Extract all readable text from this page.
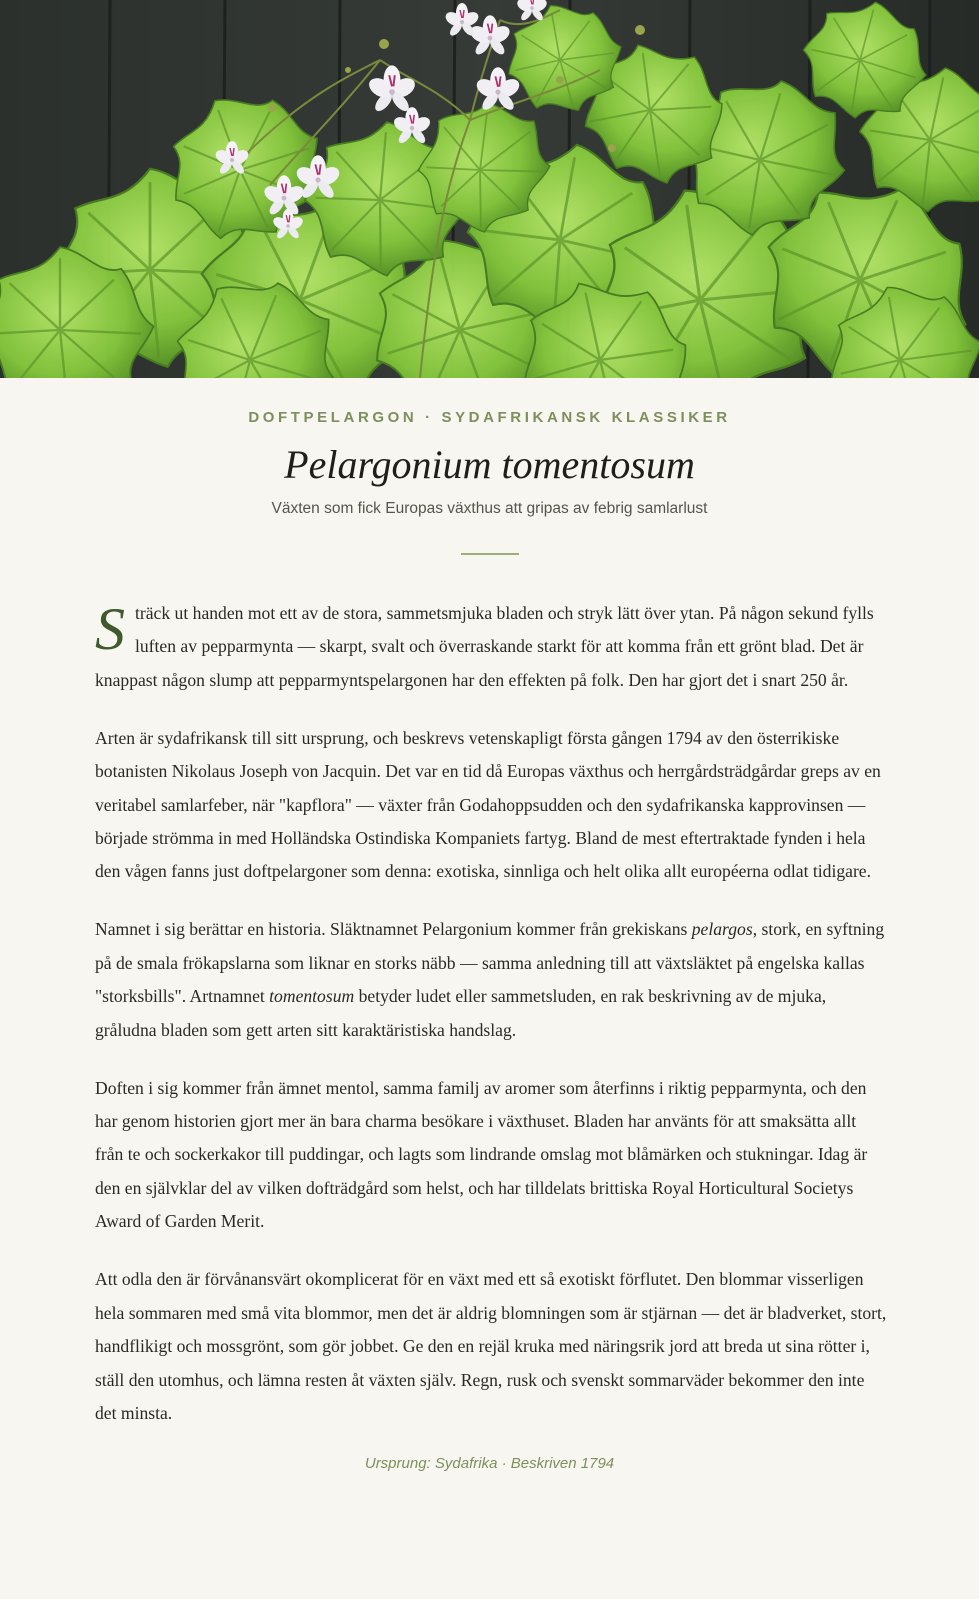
DOFTPELARGON · SYDAFRIKANSK KLASSIKER
Pelargonium tomentosum
Växten som fick Europas växthus att gripas av febrig samlarlust

Sträck ut handen mot ett av de stora, sammetsmjuka bladen och stryk lätt över ytan. På någon sekund fylls luften av pepparmynta — skarpt, svalt och överraskande starkt för att komma från ett grönt blad. Det är knappast någon slump att pepparmyntspelargonen har den effekten på folk. Den har gjort det i snart 250 år.

Arten är sydafrikansk till sitt ursprung, och beskrevs vetenskapligt första gången 1794 av den österrikiske botanisten Nikolaus Joseph von Jacquin. Det var en tid då Europas växthus och herrgårdsträdgårdar greps av en veritabel samlarfeber, när "kapflora" — växter från Godahoppsudden och den sydafrikanska kapprovinsen — började strömma in med Holländska Ostindiska Kompaniets fartyg. Bland de mest eftertraktade fynden i hela den vågen fanns just doftpelargoner som denna: exotiska, sinnliga och helt olika allt européerna odlat tidigare.

Namnet i sig berättar en historia. Släktnamnet Pelargonium kommer från grekiskans pelargos, stork, en syftning på de smala frökapslarna som liknar en storks näbb — samma anledning till att växtsläktet på engelska kallas "storksbills". Artnamnet tomentosum betyder ludet eller sammetsluden, en rak beskrivning av de mjuka, gråludna bladen som gett arten sitt karaktäristiska handslag.

Doften i sig kommer från ämnet mentol, samma familj av aromer som återfinns i riktig pepparmynta, och den har genom historien gjort mer än bara charma besökare i växthuset. Bladen har använts för att smaksätta allt från te och sockerkakor till puddingar, och lagts som lindrande omslag mot blåmärken och stukningar. Idag är den en självklar del av vilken dofträdgård som helst, och har tilldelats brittiska Royal Horticultural Societys Award of Garden Merit.

Att odla den är förvånansvärt okomplicerat för en växt med ett så exotiskt förflutet. Den blommar visserligen hela sommaren med små vita blommor, men det är aldrig blomningen som är stjärnan — det är bladverket, stort, handflikigt och mossgrönt, som gör jobbet. Ge den en rejäl kruka med näringsrik jord att breda ut sina rötter i, ställ den utomhus, och lämna resten åt växten själv. Regn, rusk och svenskt sommarväder bekommer den inte det minsta.

Ursprung: Sydafrika · Beskriven 1794
